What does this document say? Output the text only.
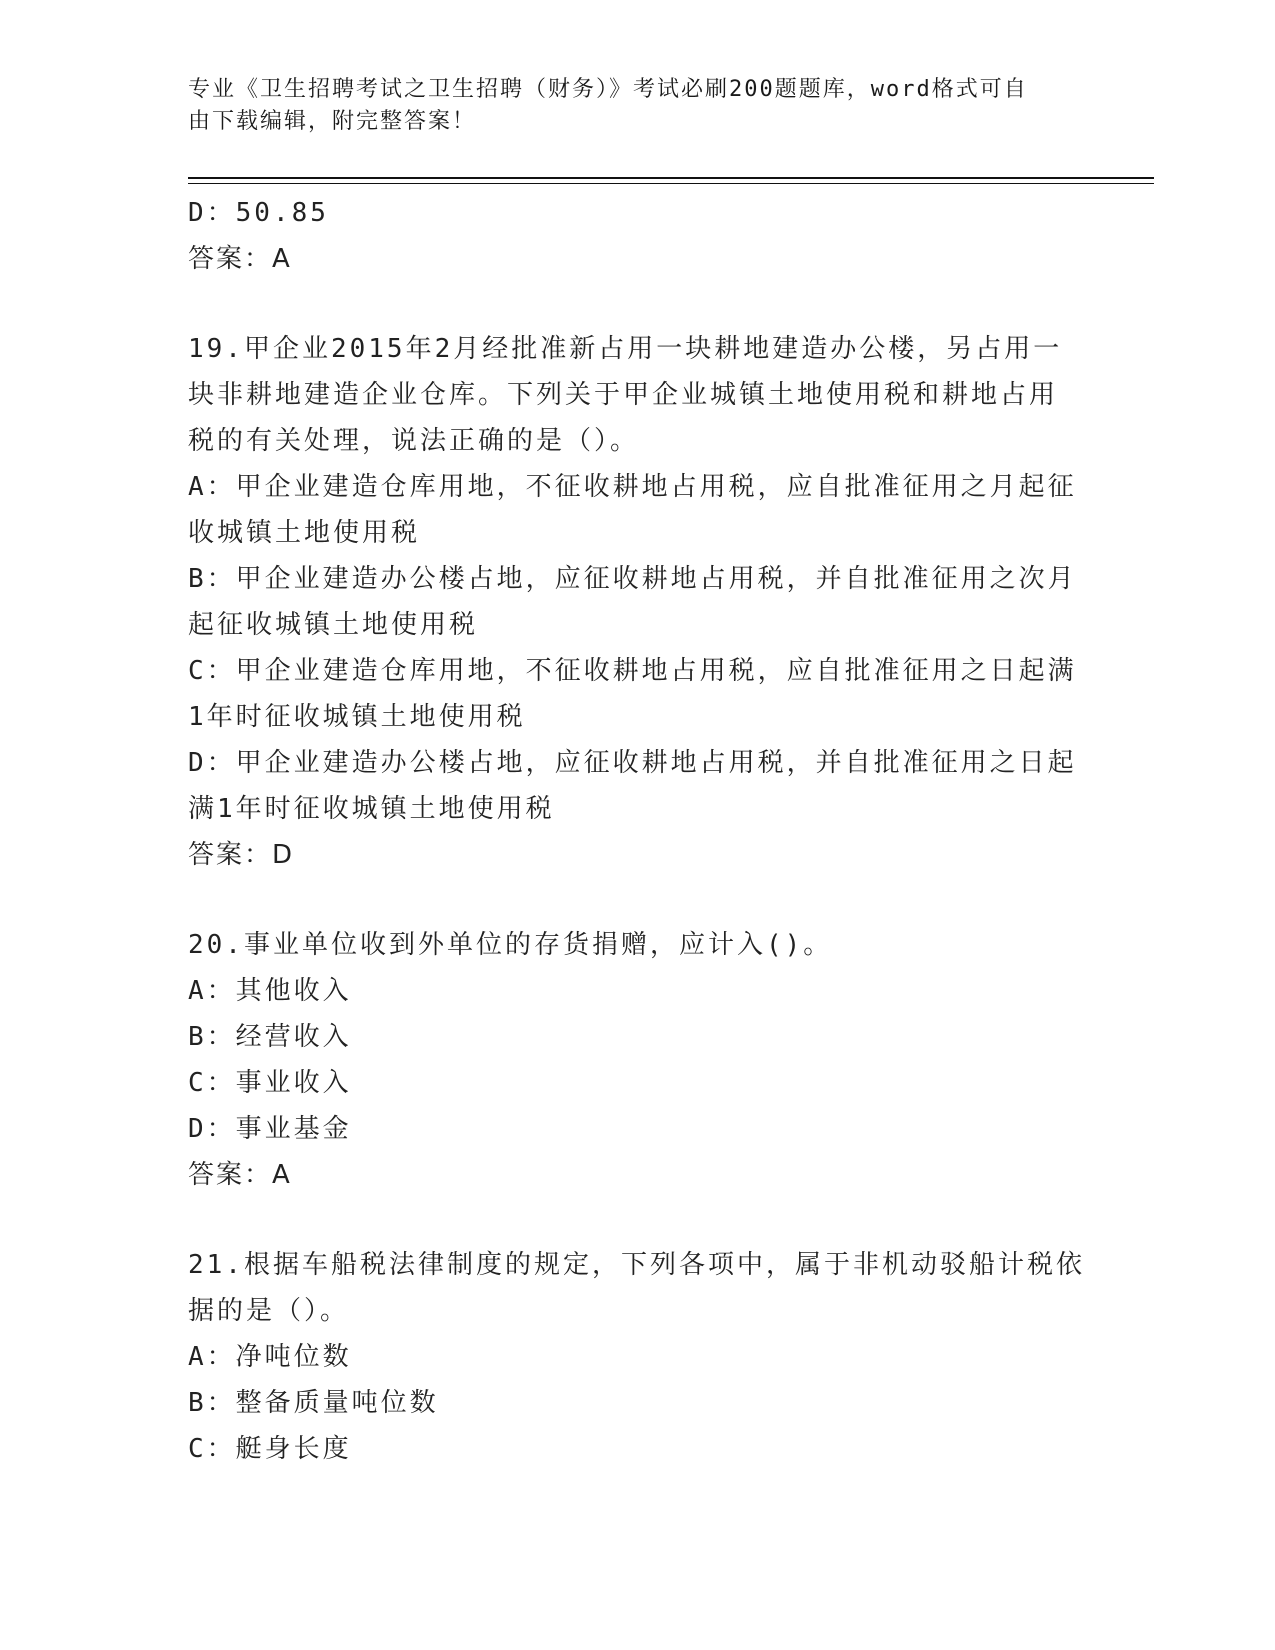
专业《卫生招聘考试之卫生招聘（财务）》考试必刷200题题库，word格式可自
由下载编辑，附完整答案！
D：50.85
答案：A
19.甲企业2015年2月经批准新占用一块耕地建造办公楼，另占用一
块非耕地建造企业仓库。下列关于甲企业城镇土地使用税和耕地占用
税的有关处理，说法正确的是（）。
A：甲企业建造仓库用地，不征收耕地占用税，应自批准征用之月起征
收城镇土地使用税
B：甲企业建造办公楼占地，应征收耕地占用税，并自批准征用之次月
起征收城镇土地使用税
C：甲企业建造仓库用地，不征收耕地占用税，应自批准征用之日起满
1年时征收城镇土地使用税
D：甲企业建造办公楼占地，应征收耕地占用税，并自批准征用之日起
满1年时征收城镇土地使用税
答案：D
20.事业单位收到外单位的存货捐赠，应计入()。
A：其他收入
B：经营收入
C：事业收入
D：事业基金
答案：A
21.根据车船税法律制度的规定，下列各项中，属于非机动驳船计税依
据的是（）。
A：净吨位数
B：整备质量吨位数
C：艇身长度
